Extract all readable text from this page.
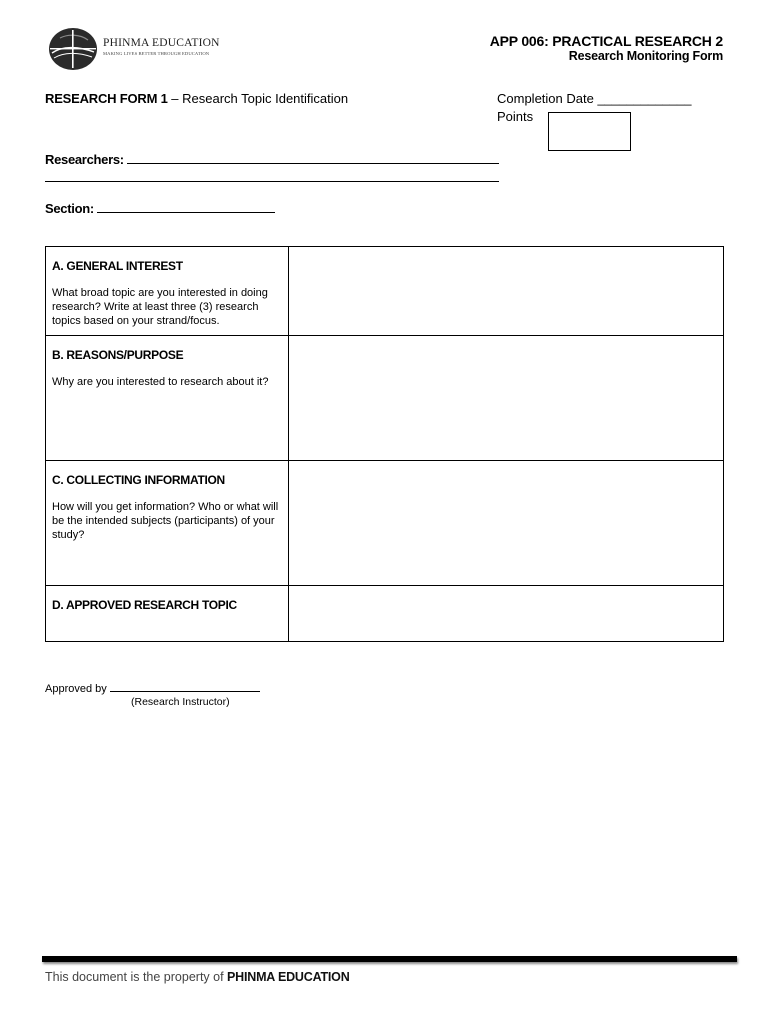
PHINMA EDUCATION
MAKING LIVES BETTER THROUGH EDUCATION
APP 006: PRACTICAL RESEARCH 2
Research Monitoring Form
RESEARCH FORM 1 – Research Topic Identification	Completion Date _____________
Points
Researchers:
Section:
A. GENERAL INTEREST
What broad topic are you interested in doing research? Write at least three (3) research topics based on your strand/focus.
B. REASONS/PURPOSE
Why are you interested to research about it?
C. COLLECTING INFORMATION
How will you get information? Who or what will be the intended subjects (participants) of your study?
D. APPROVED RESEARCH TOPIC
Approved by
(Research Instructor)
This document is the property of PHINMA EDUCATION
